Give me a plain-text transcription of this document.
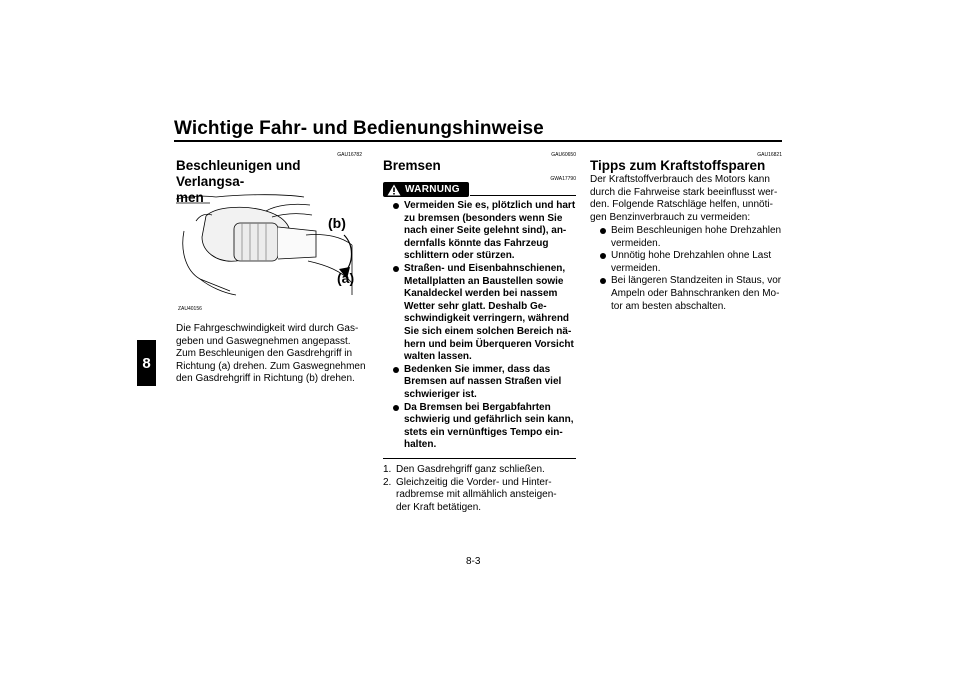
Wichtige Fahr- und Bedienungshinweise
8
GAU16782
Beschleunigen und Verlangsa-
men
(b)
(a)
ZAU40156
Die Fahrgeschwindigkeit wird durch Gas-
geben und Gaswegnehmen angepasst.
Zum Beschleunigen den Gasdrehgriff in
Richtung (a) drehen. Zum Gaswegnehmen
den Gasdrehgriff in Richtung (b) drehen.
GAU60650
Bremsen
GWA17790
WARNUNG
Vermeiden Sie es, plötzlich und hart
zu bremsen (besonders wenn Sie
nach einer Seite gelehnt sind), an-
dernfalls könnte das Fahrzeug
schlittern oder stürzen.
Straßen- und Eisenbahnschienen,
Metallplatten an Baustellen sowie
Kanaldeckel werden bei nassem
Wetter sehr glatt. Deshalb Ge-
schwindigkeit verringern, während
Sie sich einem solchen Bereich nä-
hern und beim Überqueren Vorsicht
walten lassen.
Bedenken Sie immer, dass das
Bremsen auf nassen Straßen viel
schwieriger ist.
Da Bremsen bei Bergabfahrten
schwierig und gefährlich sein kann,
stets ein vernünftiges Tempo ein-
halten.
1. Den Gasdrehgriff ganz schließen.
2. Gleichzeitig die Vorder- und Hinter-
radbremse mit allmählich ansteigen-
der Kraft betätigen.
GAU16821
Tipps zum Kraftstoffsparen
Der Kraftstoffverbrauch des Motors kann
durch die Fahrweise stark beeinflusst wer-
den. Folgende Ratschläge helfen, unnöti-
gen Benzinverbrauch zu vermeiden:
Beim Beschleunigen hohe Drehzahlen
vermeiden.
Unnötig hohe Drehzahlen ohne Last
vermeiden.
Bei längeren Standzeiten in Staus, vor
Ampeln oder Bahnschranken den Mo-
tor am besten abschalten.
8-3
